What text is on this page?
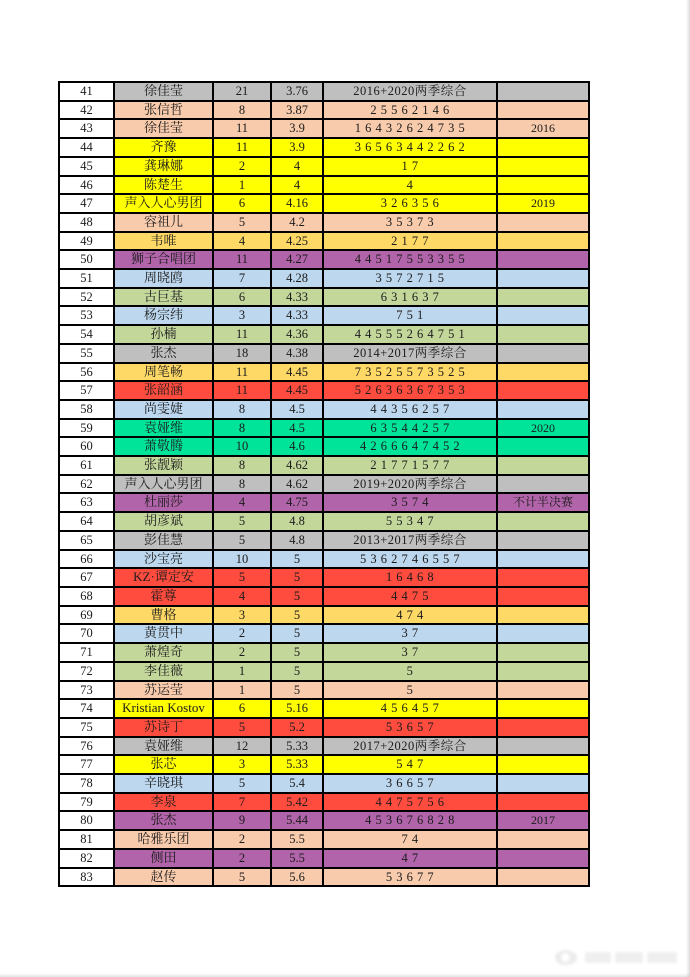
41	徐佳莹	21	3.76	2016+2020两季综合	
42	张信哲	8	3.87	2 5 5 6 2 1 4 6	
43	徐佳莹	11	3.9	1 6 4 3 2 6 2 4 7 3 5	2016
44	齐豫	11	3.9	3 6 5 6 3 4 4 2 2 6 2	
45	龚琳娜	2	4	1 7	
46	陈楚生	1	4	4	
47	声入人心男团	6	4.16	3 2 6 3 5 6	2019
48	容祖儿	5	4.2	3 5 3 7 3	
49	韦唯	4	4.25	2 1 7 7	
50	狮子合唱团	11	4.27	4 4 5 1 7 5 5 3 3 5 5	
51	周晓鸥	7	4.28	3 5 7 2 7 1 5	
52	古巨基	6	4.33	6 3 1 6 3 7	
53	杨宗纬	3	4.33	7 5 1	
54	孙楠	11	4.36	4 4 5 5 5 2 6 4 7 5 1	
55	张杰	18	4.38	2014+2017两季综合	
56	周笔畅	11	4.45	7 3 5 2 5 5 7 3 5 2 5	
57	张韶涵	11	4.45	5 2 6 3 6 3 6 7 3 5 3	
58	尚雯婕	8	4.5	4 4 3 5 6 2 5 7	
59	袁娅维	8	4.5	6 3 5 4 4 2 5 7	2020
60	萧敬腾	10	4.6	4 2 6 6 6 4 7 4 5 2	
61	张靓颖	8	4.62	2 1 7 7 1 5 7 7	
62	声入人心男团	8	4.62	2019+2020两季综合	
63	杜丽莎	4	4.75	3 5 7 4	不计半决赛
64	胡彦斌	5	4.8	5 5 3 4 7	
65	彭佳慧	5	4.8	2013+2017两季综合	
66	沙宝亮	10	5	5 3 6 2 7 4 6 5 5 7	
67	KZ·谭定安	5	5	1 6 4 6 8	
68	霍尊	4	5	4 4 7 5	
69	曹格	3	5	4 7 4	
70	黄贯中	2	5	3 7	
71	萧煌奇	2	5	3 7	
72	李佳薇	1	5	5	
73	苏运莹	1	5	5	
74	Kristian Kostov	6	5.16	4 5 6 4 5 7	
75	苏诗丁	5	5.2	5 3 6 5 7	
76	袁娅维	12	5.33	2017+2020两季综合	
77	张芯	3	5.33	5 4 7	
78	辛晓琪	5	5.4	3 6 6 5 7	
79	李泉	7	5.42	4 4 7 5 7 5 6	
80	张杰	9	5.44	4 5 3 6 7 6 8 2 8	2017
81	哈雅乐团	2	5.5	7 4	
82	侧田	2	5.5	4 7	
83	赵传	5	5.6	5 3 6 7 7	
